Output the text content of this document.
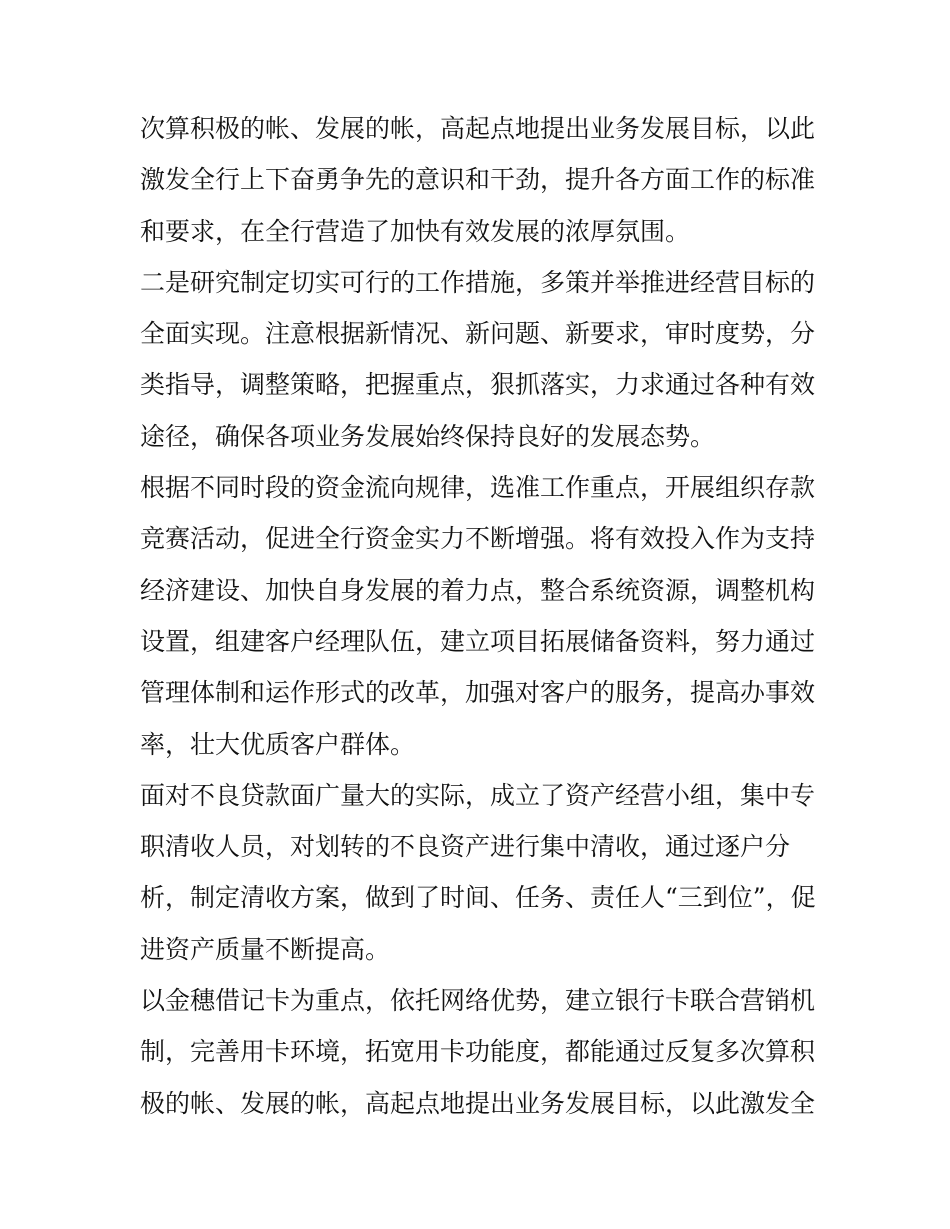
次算积极的帐、发展的帐，高起点地提出业务发展目标，以此
激发全行上下奋勇争先的意识和干劲，提升各方面工作的标准
和要求，在全行营造了加快有效发展的浓厚氛围。
二是研究制定切实可行的工作措施，多策并举推进经营目标的
全面实现。注意根据新情况、新问题、新要求，审时度势，分
类指导，调整策略，把握重点，狠抓落实，力求通过各种有效
途径，确保各项业务发展始终保持良好的发展态势。
根据不同时段的资金流向规律，选准工作重点，开展组织存款
竞赛活动，促进全行资金实力不断增强。将有效投入作为支持
经济建设、加快自身发展的着力点，整合系统资源，调整机构
设置，组建客户经理队伍，建立项目拓展储备资料，努力通过
管理体制和运作形式的改革，加强对客户的服务，提高办事效
率，壮大优质客户群体。
面对不良贷款面广量大的实际，成立了资产经营小组，集中专
职清收人员，对划转的不良资产进行集中清收，通过逐户分
析，制定清收方案，做到了时间、任务、责任人“三到位”，促
进资产质量不断提高。
以金穗借记卡为重点，依托网络优势，建立银行卡联合营销机
制，完善用卡环境，拓宽用卡功能度，都能通过反复多次算积
极的帐、发展的帐，高起点地提出业务发展目标，以此激发全
